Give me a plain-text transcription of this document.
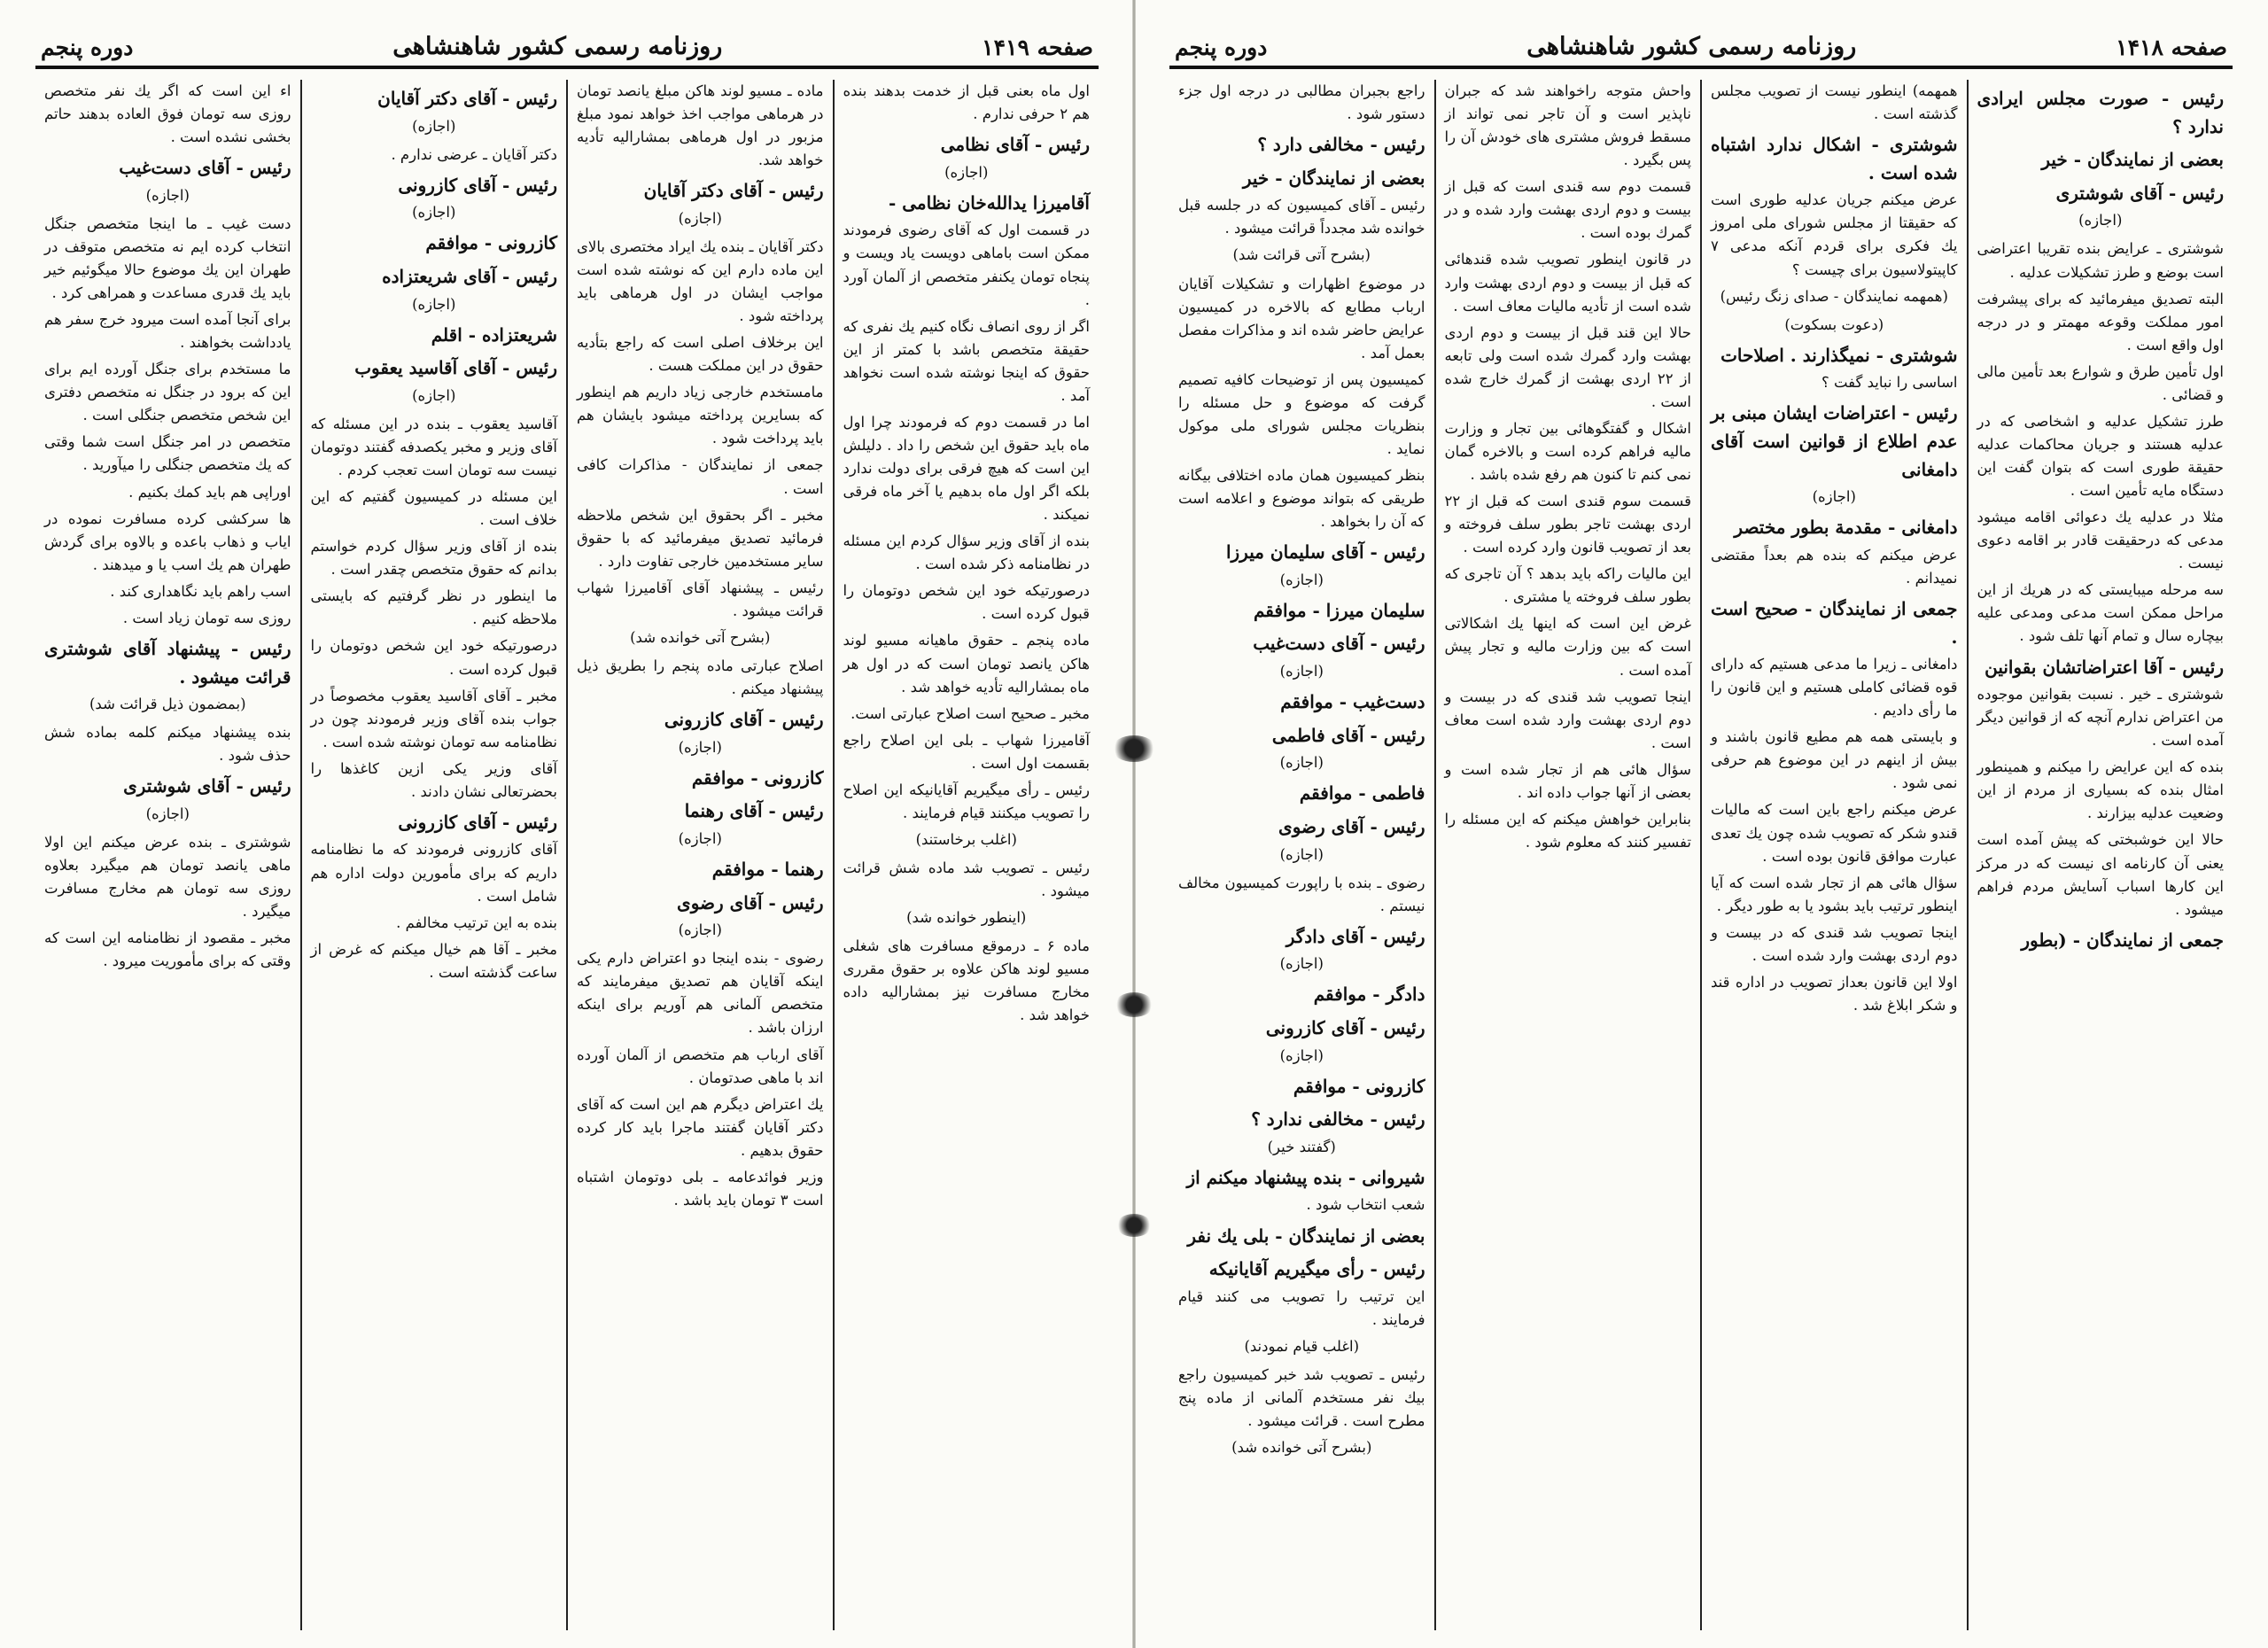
صفحه ۱۴۱۹
روزنامه رسمی کشور شاهنشاهی
دوره پنجم
اول ماه بعنی قبل از خدمت بدهند بنده هم ۲ حرفی ندارم .
رئیس - آقای نظامی
(اجازه)
آقامیرزا یدالله‌خان نظامی -
در قسمت اول که آقای رضوی فرمودند ممکن است باماهی دویست یاد ویست و پنجاه تومان یکنفر متخصص از آلمان آورد .
اگر از روی انصاف نگاه کنیم یك نفری که حقیقة متخصص باشد با کمتر از این حقوق که اینجا نوشته شده است نخواهد آمد .
اما در قسمت دوم که فرمودند چرا اول ماه باید حقوق این شخص را داد . دلیلش این است که هیچ فرقی برای دولت ندارد بلکه اگر اول ماه بدهیم یا آخر ماه فرقی نمیکند .
بنده از آقای وزیر سؤال کردم این مسئله در نظامنامه ذکر شده است .
درصورتیکه خود این شخص دوتومان را قبول کرده است .
ماده پنجم ـ حقوق ماهیانه مسیو لوند هاکن یانصد تومان است که در اول هر ماه بمشارالیه تأدیه خواهد شد .
مخبر ـ صحیح است اصلاح عبارتی است.
آقامیرزا شهاب ـ بلی این اصلاح راجع بقسمت اول است .
رئیس ـ رأی میگیریم آقایانیکه این اصلاح را تصویب میکنند قیام فرمایند .
(اغلب برخاستند)
رئیس ـ تصویب شد ماده شش قرائت میشود .
(اینطور خوانده شد)
ماده ۶ ـ درموقع مسافرت های شغلی مسیو لوند هاکن علاوه بر حقوق مقرری مخارج مسافرت نیز بمشارالیه داده خواهد شد .
ماده ـ مسیو لوند هاکن مبلغ یانصد تومان در هرماهی مواجب اخذ خواهد نمود مبلغ مزبور در اول هرماهی بمشارالیه تأدیه خواهد شد.
رئیس - آقای دکتر آقایان
(اجازه)
دکتر آقایان ـ بنده یك ایراد مختصری بالای این ماده دارم این که نوشته شده است مواجب ایشان در اول هرماهی باید پرداخته شود .
این برخلاف اصلی است که راجع بتأدیه حقوق در این مملکت هست .
مامستخدم خارجی زیاد داریم هم اینطور که بسایرین پرداخته میشود بایشان هم باید پرداخت شود .
جمعی از نمایندگان - مذاکرات کافی است .
مخبر ـ اگر بحقوق این شخص ملاحظه فرمائید تصدیق میفرمائید که با حقوق سایر مستخدمین خارجی تفاوت دارد .
رئیس ـ پیشنهاد آقای آقامیرزا شهاب قرائت میشود .
(بشرح آتی خوانده شد)
اصلاح عبارتی ماده پنجم را بطریق ذیل پیشنهاد میکنم .
رئیس - آقای کازرونی
(اجازه)
کازرونی - موافقم
رئیس - آقای رهنما
(اجازه)
رهنما - موافقم
رئیس - آقای رضوی
(اجازه)
رضوی - بنده اینجا دو اعتراض دارم یکی اینکه آقایان هم تصدیق میفرمایند که متخصص آلمانی هم آوریم برای اینکه ارزان باشد .
آقای ارباب هم متخصص از آلمان آورده اند با ماهی صدتومان .
یك اعتراض دیگرم هم این است که آقای دکتر آقایان گفتند ماجرا باید کار کرده حقوق بدهیم .
وزیر فوائدعامه ـ بلی دوتومان اشتباه است ۳ تومان باید باشد .
رئیس - آقای دکتر آقایان
(اجازه)
دکتر آقایان ـ عرضی ندارم .
رئیس - آقای کازرونی
(اجازه)
کازرونی - موافقم
رئیس - آقای شریعتزاده
(اجازه)
شریعتزاده - اقلم
رئیس - آقای آقاسید یعقوب
(اجازه)
آقاسید یعقوب ـ بنده در این مسئله که آقای وزیر و مخبر یکصدفه گفتند دوتومان نیست سه تومان است تعجب کردم .
این مسئله در کمیسیون گفتیم که این خلاف است .
بنده از آقای وزیر سؤال کردم خواستم بدانم که حقوق متخصص چقدر است .
ما اینطور در نظر گرفتیم که بایستی ملاحظه کنیم .
درصورتیکه خود این شخص دوتومان را قبول کرده است .
مخبر ـ آقای آقاسید یعقوب مخصوصاً در جواب بنده آقای وزیر فرمودند چون در نظامنامه سه تومان نوشته شده است .
آقای وزیر یکی ازین کاغذها را بحضرتعالی نشان دادند .
رئیس - آقای کازرونی
آقای کازرونی فرمودند که ما نظامنامه داریم که برای مأمورین دولت اداره هم شامل است .
بنده به این ترتیب مخالفم .
مخبر ـ آقا هم خیال میکنم که غرض از ساعت گذشته است .
اء این است که اگر یك نفر متخصص روزی سه تومان فوق العاده بدهند حاتم بخشی نشده است .
رئیس - آقای دست‌غیب
(اجازه)
دست غیب ـ ما اینجا متخصص جنگل انتخاب کرده ایم نه متخصص متوقف در طهران این یك موضوع حالا میگوئیم خیر باید یك قدری مساعدت و همراهی کرد .
برای آنجا آمده است میرود خرج سفر هم یادداشت بخواهند .
ما مستخدم برای جنگل آورده ایم برای این که برود در جنگل نه متخصص دفتری این شخص متخصص جنگلی است .
متخصص در امر جنگل است شما وقتی که یك متخصص جنگلی را میآورید .
اوراپی هم باید کمك بکنیم .
ها سرکشی کرده مسافرت نموده در ایاب و ذهاب باعده و بالاوه برای گردش طهران هم یك اسب یا و میدهند .
اسب راهم باید نگاهداری کند .
روزی سه تومان زیاد است .
رئیس - پیشنهاد آقای شوشتری قرائت میشود .
(بمضمون ذیل قرائت شد)
بنده پیشنهاد میکنم کلمه بماده شش حذف شود .
رئیس - آقای شوشتری
(اجازه)
شوشتری ـ بنده عرض میکنم این اولا ماهی یانصد تومان هم میگیرد بعلاوه روزی سه تومان هم مخارج مسافرت میگیرد .
مخبر ـ مقصود از نظامنامه این است که وقتی که برای مأموریت میرود .
صفحه ۱۴۱۸
روزنامه رسمی کشور شاهنشاهی
دوره پنجم
رئیس - صورت مجلس ایرادی ندارد ؟
بعضی از نمایندگان - خیر
رئیس - آقای شوشتری
(اجازه)
شوشتری ـ عرایض بنده تقریبا اعتراضی است بوضع و طرز تشکیلات عدلیه .
البته تصدیق میفرمائید که برای پیشرفت امور مملکت وقوعه مهمتر و در درجه اول واقع است .
اول تأمین طرق و شوارع بعد تأمین مالی و قضائی .
طرز تشکیل عدلیه و اشخاصی که در عدلیه هستند و جریان محاکمات عدلیه حقیقة طوری است که بتوان گفت این دستگاه مایه تأمین است .
مثلا در عدلیه یك دعوائی اقامه میشود مدعی که درحقیقت قادر بر اقامه دعوی نیست .
سه مرحله میبایستی که در هریك از این مراحل ممکن است مدعی ومدعی علیه بیچاره سال و تمام آنها تلف شود .
رئیس - آقا اعتراضاتشان بقوانین
شوشتری ـ خیر . نسبت بقوانین موجوده من اعتراض ندارم آنچه که از قوانین دیگر آمده است .
بنده که این عرایض را میکنم و همینطور امثال بنده که بسیاری از مردم از این وضعیت عدلیه بیزارند .
حالا این خوشبختی که پیش آمده است یعنی آن کارنامه ای نیست که در مرکز این کارها اسباب آسایش مردم فراهم میشود .
جمعی از نمایندگان - (بطور
همهمه) اینطور نیست از تصویب مجلس گذشته است .
شوشتری - اشکال ندارد اشتباه شده است .
عرض میکنم جریان عدلیه طوری است که حقیقتا از مجلس شورای ملی امروز یك فکری برای قردم آنکه مدعی ۷ کاپیتولاسیون برای چیست ؟
(همهمه نمایندگان - صدای زنگ رئیس)
(دعوت بسکوت)
شوشتری - نمیگذارند . اصلاحات
اساسی را نباید گفت ؟
رئیس - اعتراضات ایشان مبنی بر عدم اطلاع از قوانین است آقای دامغانی
(اجازه)
دامغانی - مقدمة بطور مختصر
عرض میکنم که بنده هم بعداً مقتضی نمیدانم .
جمعی از نمایندگان - صحیح است .
دامغانی ـ زیرا ما مدعی هستیم که دارای قوه قضائی کاملی هستیم و این قانون را ما رأی دادیم .
و بایستی همه هم مطیع قانون باشند و بیش از اینهم در این موضوع هم حرفی نمی شود .
عرض میکنم راجع باین است که مالیات قندو شکر که تصویب شده چون یك تعدی عبارت موافق قانون بوده است .
سؤال هائی هم از تجار شده است که آیا اینطور ترتیب باید بشود یا به طور دیگر .
اینجا تصویب شد قندی که در بیست و دوم اردی بهشت وارد شده است .
اولا این قانون بعداز تصویب در اداره قند و شکر ابلاغ شد .
واحش متوجه راخواهند شد که جبران ناپذیر است و آن تاجر نمی تواند از مسقط فروش مشتری های خودش آن را پس بگیرد .
قسمت دوم سه قندی است که قبل از بیست و دوم اردی بهشت وارد شده و در گمرك بوده است .
در قانون اینطور تصویب شده قندهائی که قبل از بیست و دوم اردی بهشت وارد شده است از تأدیه مالیات معاف است .
حالا این قند قبل از بیست و دوم اردی بهشت وارد گمرك شده است ولی تابعه از ۲۲ اردی بهشت از گمرك خارج شده است .
اشکال و گفتگوهائی بین تجار و وزارت مالیه فراهم کرده است و بالاخره گمان نمی کنم تا کنون هم رفع شده باشد .
قسمت سوم قندی است که قبل از ۲۲ اردی بهشت تاجر بطور سلف فروخته و بعد از تصویب قانون وارد کرده است .
این مالیات راکه باید بدهد ؟ آن تاجری که بطور سلف فروخته یا مشتری .
غرض این است که اینها یك اشکالاتی است که بین وزارت مالیه و تجار پیش آمده است .
اینجا تصویب شد قندی که در بیست و دوم اردی بهشت وارد شده است معاف است .
سؤال هائی هم از تجار شده است و بعضی از آنها جواب داده اند .
بنابراین خواهش میکنم که این مسئله را تفسیر کنند که معلوم شود .
راجع بجبران مطالبی در درجه اول جزء دستور شود .
رئیس - مخالفی دارد ؟
بعضی از نمایندگان - خیر
رئیس ـ آقای کمیسیون که در جلسه قبل خوانده شد مجدداً قرائت میشود .
(بشرح آتی قرائت شد)
در موضوع اظهارات و تشکیلات آقایان ارباب مطابع که بالاخره در کمیسیون عرایض حاضر شده اند و مذاکرات مفصل بعمل آمد .
کمیسیون پس از توضیحات کافیه تصمیم گرفت که موضوع و حل مسئله را بنظریات مجلس شورای ملی موکول نماید .
بنظر کمیسیون همان ماده اختلافی بیگانه طریقی که بتواند موضوع و اعلامه است که آن را بخواهد .
رئیس - آقای سلیمان میرزا
(اجازه)
سلیمان میرزا - موافقم
رئیس - آقای دست‌غیب
(اجازه)
دست‌غیب - موافقم
رئیس - آقای فاطمی
(اجازه)
فاطمی - موافقم
رئیس - آقای رضوی
(اجازه)
رضوی ـ بنده با راپورت کمیسیون مخالف نیستم .
رئیس - آقای دادگر
(اجازه)
دادگر - موافقم
رئیس - آقای کازرونی
(اجازه)
کازرونی - موافقم
رئیس - مخالفی ندارد ؟
(گفتند خیر)
شیروانی - بنده پیشنهاد میکنم از
شعب انتخاب شود .
بعضی از نمایندگان - بلی یك نفر
رئیس - رأی میگیریم آقایانیکه
این ترتیب را تصویب می کنند قیام فرمایند .
(اغلب قیام نمودند)
رئیس ـ تصویب شد خبر کمیسیون راجع بیك نفر مستخدم آلمانی از ماده پنج مطرح است . قرائت میشود .
(بشرح آتی خوانده شد)
